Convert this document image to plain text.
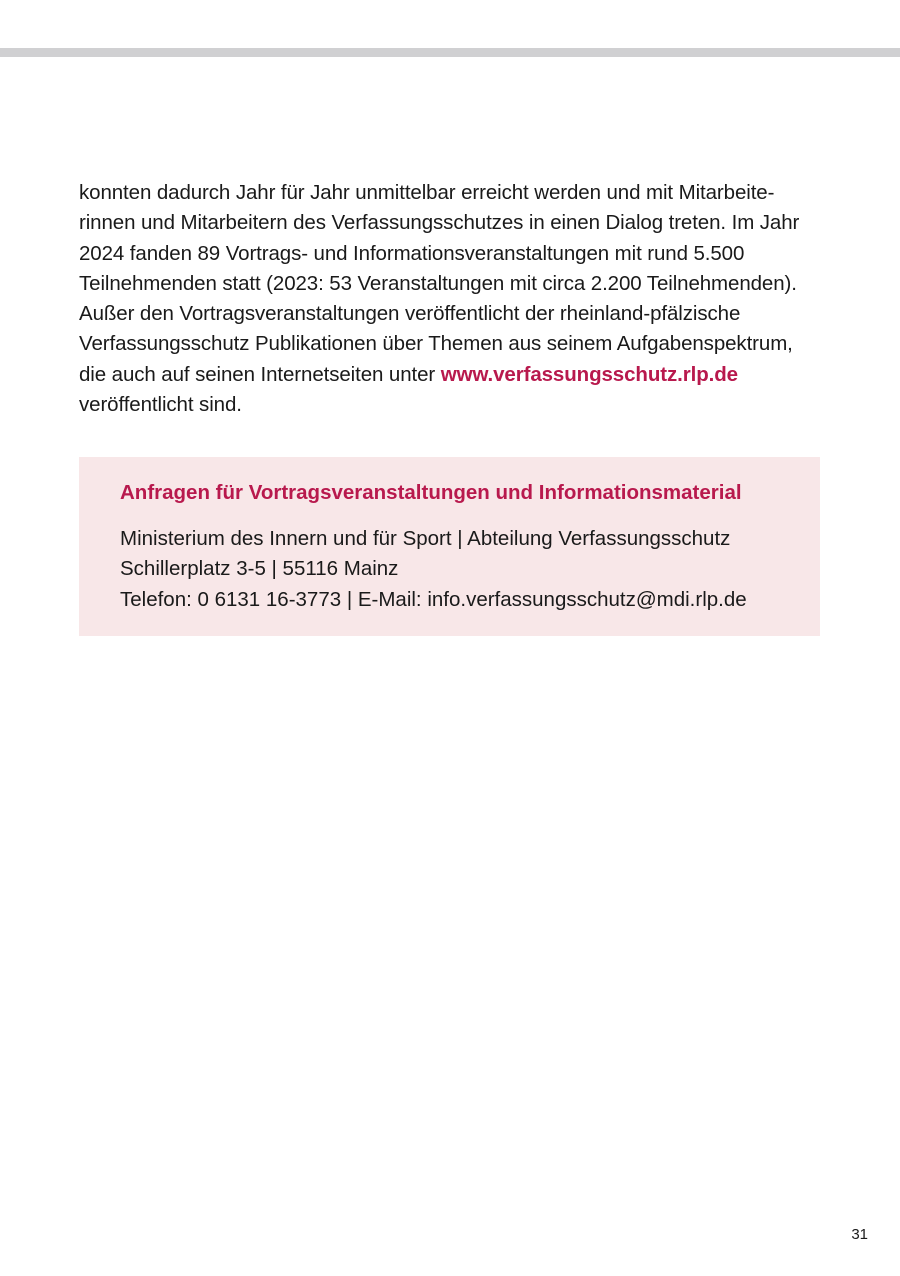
konnten dadurch Jahr für Jahr unmittelbar erreicht werden und mit Mitarbeite-
rinnen und Mitarbeitern des Verfassungsschutzes in einen Dialog treten. Im Jahr
2024 fanden 89 Vortrags- und Informationsveranstaltungen mit rund 5.500
Teilnehmenden statt (2023: 53 Veranstaltungen mit circa 2.200 Teilnehmenden).
Außer den Vortragsveranstaltungen veröffentlicht der rheinland-pfälzische
Verfassungsschutz Publikationen über Themen aus seinem Aufgabenspektrum,
die auch auf seinen Internetseiten unter www.verfassungsschutz.rlp.de
veröffentlicht sind.
Anfragen für Vortragsveranstaltungen und Informationsmaterial
Ministerium des Innern und für Sport | Abteilung Verfassungsschutz
Schillerplatz 3-5 | 55116 Mainz
Telefon: 0 6131 16-3773 | E-Mail: info.verfassungsschutz@mdi.rlp.de
31
